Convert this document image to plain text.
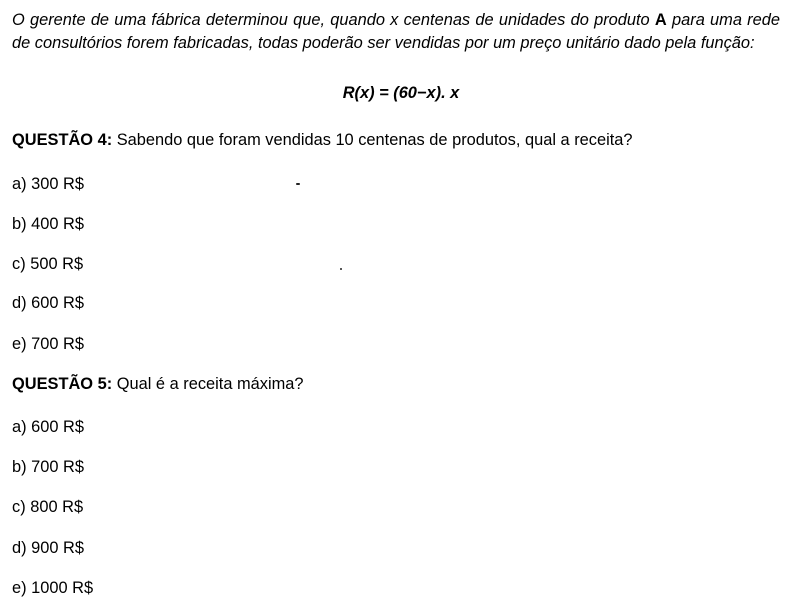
O gerente de uma fábrica determinou que, quando x centenas de unidades do produto A para uma rede de consultórios forem fabricadas, todas poderão ser vendidas por um preço unitário dado pela função:

R(x) = (60−x). x

QUESTÃO 4: Sabendo que foram vendidas 10 centenas de produtos, qual a receita?

a) 300 R$

b) 400 R$

c) 500 R$

d) 600 R$

e) 700 R$

QUESTÃO 5: Qual é a receita máxima?

a) 600 R$

b) 700 R$

c) 800 R$

d) 900 R$

e) 1000 R$
